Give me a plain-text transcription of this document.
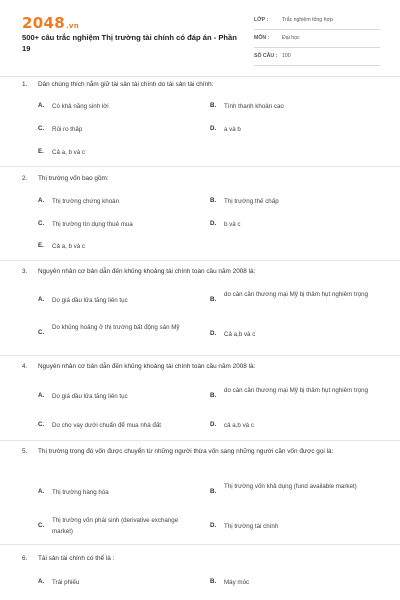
2048.vn
500+ câu trắc nghiệm Thị trường tài chính có đáp án - Phần 19
LỚP :	Trắc nghiệm tổng hợp
MÔN : Đại học
SỐ CÂU : 100
1. Dân chúng thích nắm giữ tài sản tài chính do tài sản tài chính:
A. Có khả năng sinh lời	B. Tính thanh khoản cao
C. Rủi ro thấp	D. a và b
E. Cả a, b và c
2. Thị trường vốn bao gồm:
A. Thị trường chứng khoán	B. Thị trường thế chấp
C. Thị trường tín dụng thuê mua	D. b và c
E. Cả a, b và c
3. Nguyên nhân cơ bản dẫn đến khủng khoảng tài chính toàn cầu năm 2008 là:
A. Do giá dầu lửa tăng liên tục	B.
do cán cân thương mại Mỹ bị thâm hụt nghiêm trọng
C.
Do khủng hoảng ở thị trường bất động sản Mỹ
D. Cả a,b và c
4. Nguyên nhân cơ bản dẫn đến khủng khoảng tài chính toàn cầu năm 2008 là:
A. Do giá dầu lửa tăng liên tục	B.
do cán cân thương mại Mỹ bị thâm hụt nghiêm trọng
C. Do cho vay dưới chuẩn để mua nhà đất	D. cả a,b và c
5. Thị trường trong đó vốn được chuyển từ những người thừa vốn sang những người cần vốn được gọi là:
A. Thị trường hàng hóa	B.
Thị trường vốn khả dụng (fund available market)
C.
Thị trường vốn phái sinh (derivative exchange market)
D. Thị trường tài chính
6. Tài sản tài chính có thể là :
A. Trái phiếu	B. Máy móc
